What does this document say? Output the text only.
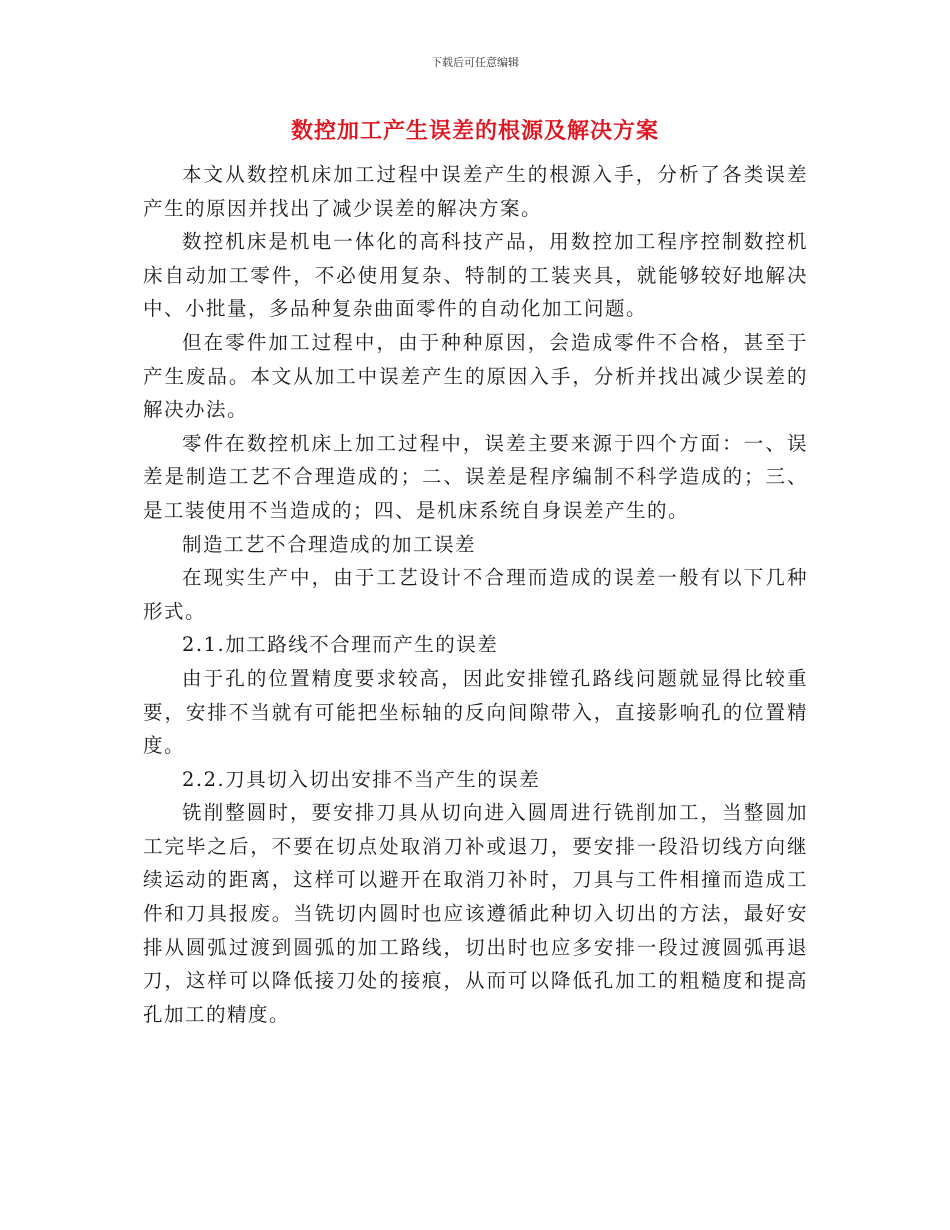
下载后可任意编辑
数控加工产生误差的根源及解决方案

本文从数控机床加工过程中误差产生的根源入手，分析了各类误差产生的原因并找出了减少误差的解决方案。

数控机床是机电一体化的高科技产品，用数控加工程序控制数控机床自动加工零件，不必使用复杂、特制的工装夹具，就能够较好地解决中、小批量，多品种复杂曲面零件的自动化加工问题。

但在零件加工过程中，由于种种原因，会造成零件不合格，甚至于产生废品。本文从加工中误差产生的原因入手，分析并找出减少误差的解决办法。

零件在数控机床上加工过程中，误差主要来源于四个方面：一、误差是制造工艺不合理造成的；二、误差是程序编制不科学造成的；三、是工装使用不当造成的；四、是机床系统自身误差产生的。

制造工艺不合理造成的加工误差

在现实生产中，由于工艺设计不合理而造成的误差一般有以下几种形式。

2.1.加工路线不合理而产生的误差

由于孔的位置精度要求较高，因此安排镗孔路线问题就显得比较重要，安排不当就有可能把坐标轴的反向间隙带入，直接影响孔的位置精度。

2.2.刀具切入切出安排不当产生的误差

铣削整圆时，要安排刀具从切向进入圆周进行铣削加工，当整圆加工完毕之后，不要在切点处取消刀补或退刀，要安排一段沿切线方向继续运动的距离，这样可以避开在取消刀补时，刀具与工件相撞而造成工件和刀具报废。当铣切内圆时也应该遵循此种切入切出的方法，最好安排从圆弧过渡到圆弧的加工路线，切出时也应多安排一段过渡圆弧再退刀，这样可以降低接刀处的接痕，从而可以降低孔加工的粗糙度和提高孔加工的精度。
